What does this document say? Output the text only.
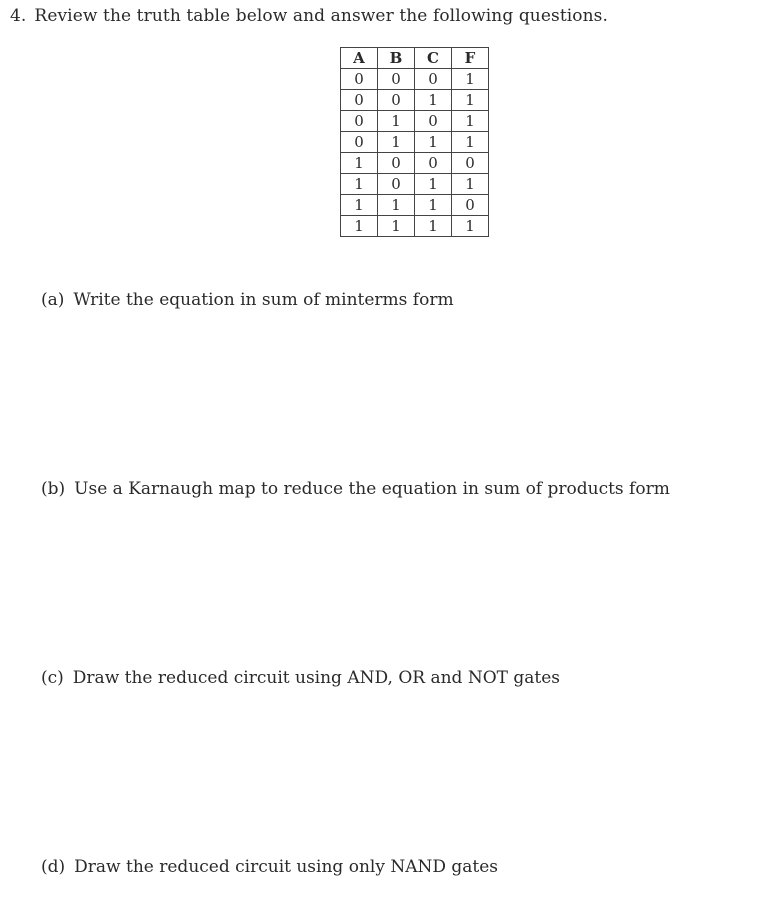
4. Review the truth table below and answer the following questions.
A	B	C	F
0	0	0	1
0	0	1	1
0	1	0	1
0	1	1	1
1	0	0	0
1	0	1	1
1	1	1	0
1	1	1	1
(a) Write the equation in sum of minterms form
(b) Use a Karnaugh map to reduce the equation in sum of products form
(c) Draw the reduced circuit using AND, OR and NOT gates
(d) Draw the reduced circuit using only NAND gates
